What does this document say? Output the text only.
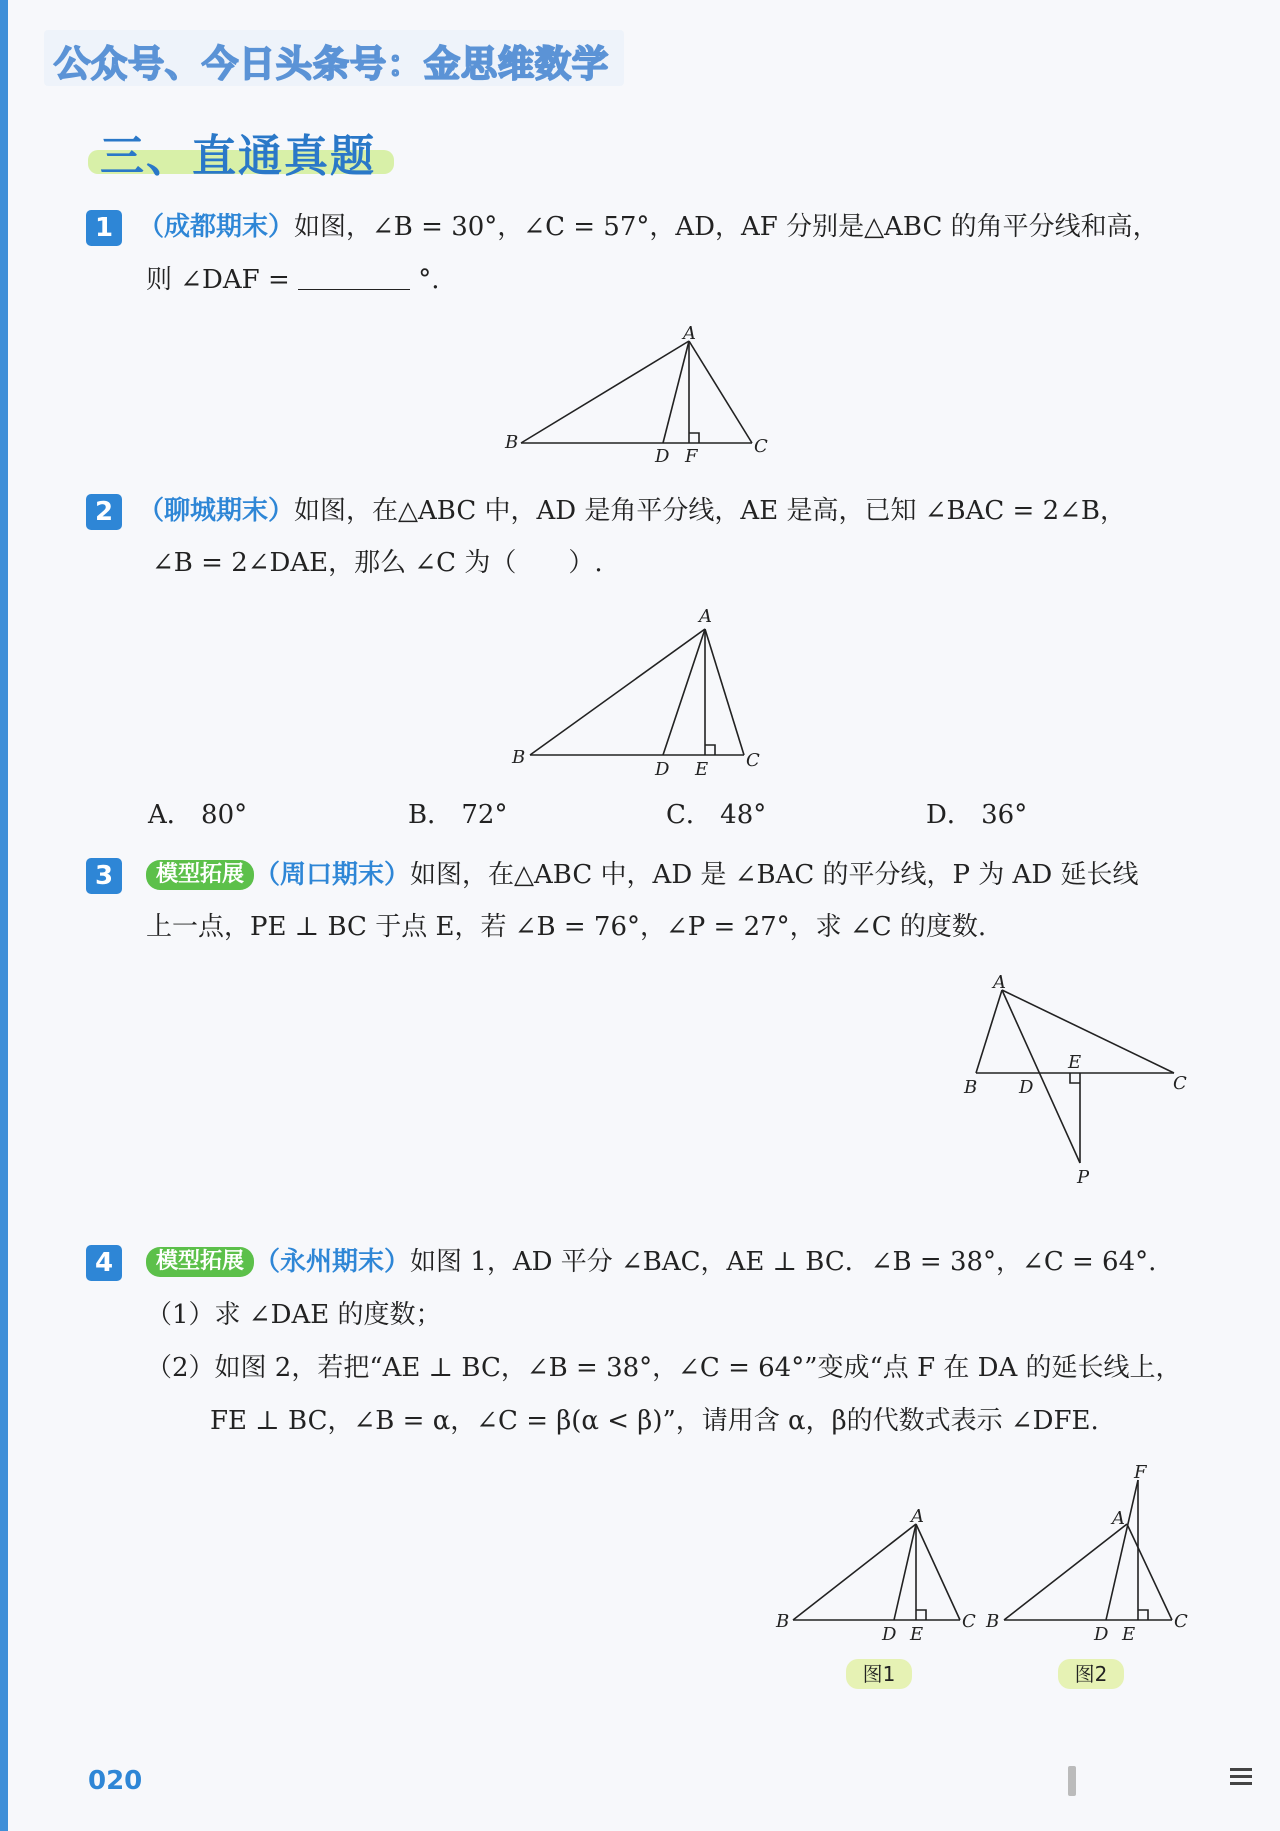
公众号、今日头条号：金思维数学
三、直通真题
1 （成都期末）如图，∠B = 30°，∠C = 57°，AD，AF 分别是△ABC 的角平分线和高，
则 ∠DAF =	°.
A
B	C
D F
2 （聊城期末）如图，在△ABC 中，AD 是角平分线，AE 是高，已知 ∠BAC = 2∠B，
∠B = 2∠DAE，那么 ∠C 为（　　）.
A
B	C
D E
A． 80°	B． 72°	C． 48°	D． 36°
3	模型拓展 （周口期末）如图，在△ABC 中，AD 是 ∠BAC 的平分线，P 为 AD 延长线
上一点，PE ⊥ BC 于点 E，若 ∠B = 76°，∠P = 27°，求 ∠C 的度数.
A
B	C
D
E
P
4	模型拓展 （永州期末）如图 1，AD 平分 ∠BAC，AE ⊥ BC．∠B = 38°，∠C = 64°.
（1）求 ∠DAE 的度数；
（2）如图 2，若把“AE ⊥ BC，∠B = 38°，∠C = 64°”变成“点 F 在 DA 的延长线上，
FE ⊥ BC，∠B = α，∠C = β(α < β)”，请用含 α，β的代数式表示 ∠DFE.
A
B	C
D E
F
A
B	C
D E
图1	图2
020
